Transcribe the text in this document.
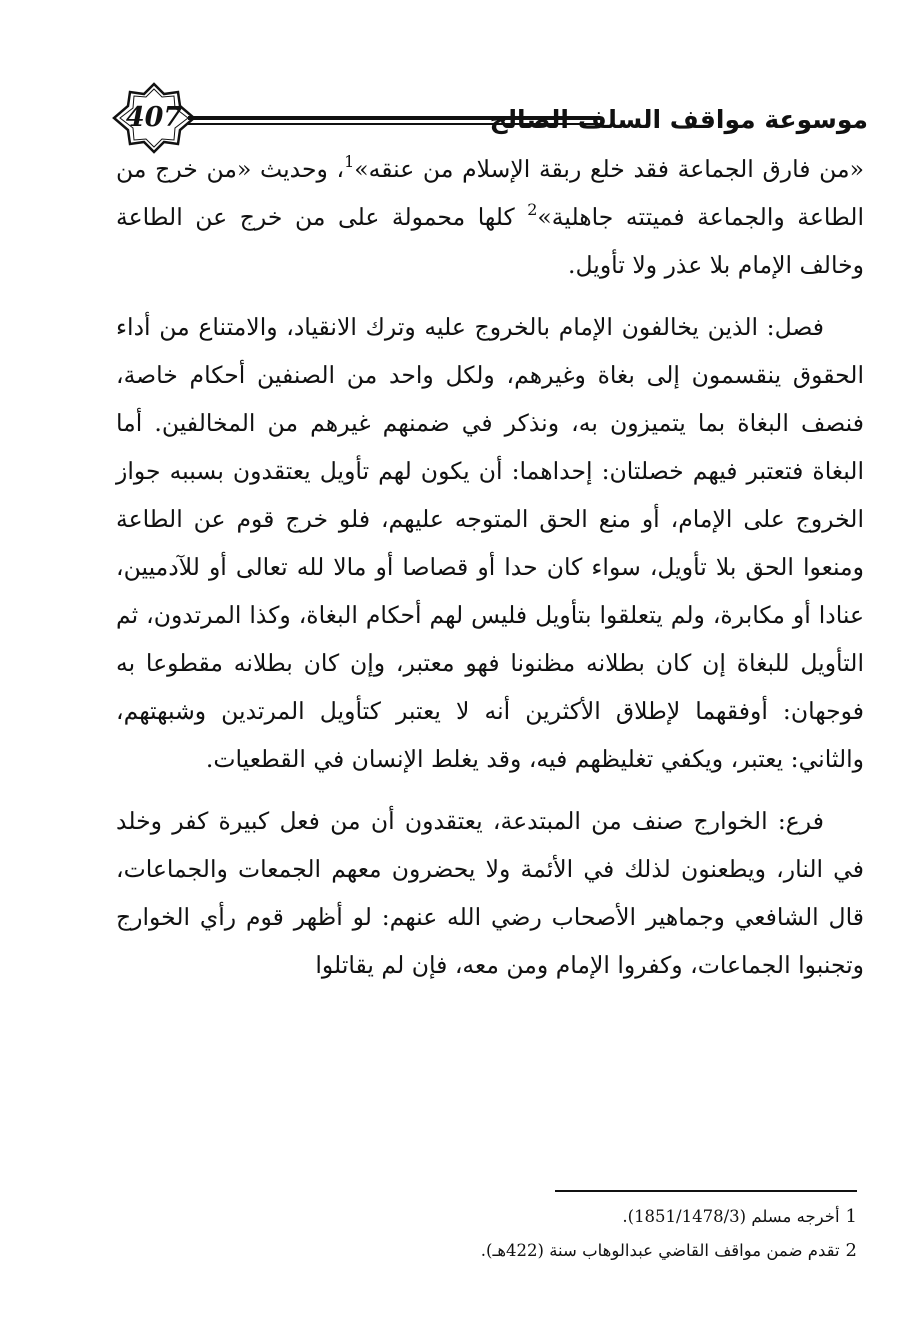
407	موسوعة مواقف السلف الصالح

«من فارق الجماعة فقد خلع ربقة الإسلام من عنقه»$^1$، وحديث «من خرج من الطاعة والجماعة فميتته جاهلية»$^2$ كلها محمولة على من خرج عن الطاعة وخالف الإمام بلا عذر ولا تأويل.

فصل: الذين يخالفون الإمام بالخروج عليه وترك الانقياد، والامتناع من أداء الحقوق ينقسمون إلى بغاة وغيرهم، ولكل واحد من الصنفين أحكام خاصة، فنصف البغاة بما يتميزون به، ونذكر في ضمنهم غيرهم من المخالفين. أما البغاة فتعتبر فيهم خصلتان: إحداهما: أن يكون لهم تأويل يعتقدون بسببه جواز الخروج على الإمام، أو منع الحق المتوجه عليهم، فلو خرج قوم عن الطاعة ومنعوا الحق بلا تأويل، سواء كان حدا أو قصاصا أو مالا لله تعالى أو للآدميين، عنادا أو مكابرة، ولم يتعلقوا بتأويل فليس لهم أحكام البغاة، وكذا المرتدون، ثم التأويل للبغاة إن كان بطلانه مظنونا فهو معتبر، وإن كان بطلانه مقطوعا به فوجهان: أوفقهما لإطلاق الأكثرين أنه لا يعتبر كتأويل المرتدين وشبهتهم، والثاني: يعتبر، ويكفي تغليظهم فيه، وقد يغلط الإنسان في القطعيات.

فرع: الخوارج صنف من المبتدعة، يعتقدون أن من فعل كبيرة كفر وخلد في النار، ويطعنون لذلك في الأئمة ولا يحضرون معهم الجمعات والجماعات، قال الشافعي وجماهير الأصحاب رضي الله عنهم: لو أظهر قوم رأي الخوارج وتجنبوا الجماعات، وكفروا الإمام ومن معه، فإن لم يقاتلوا

1أخرجه مسلم (1851/1478/3).

2تقدم ضمن مواقف القاضي عبدالوهاب سنة (422هـ).
